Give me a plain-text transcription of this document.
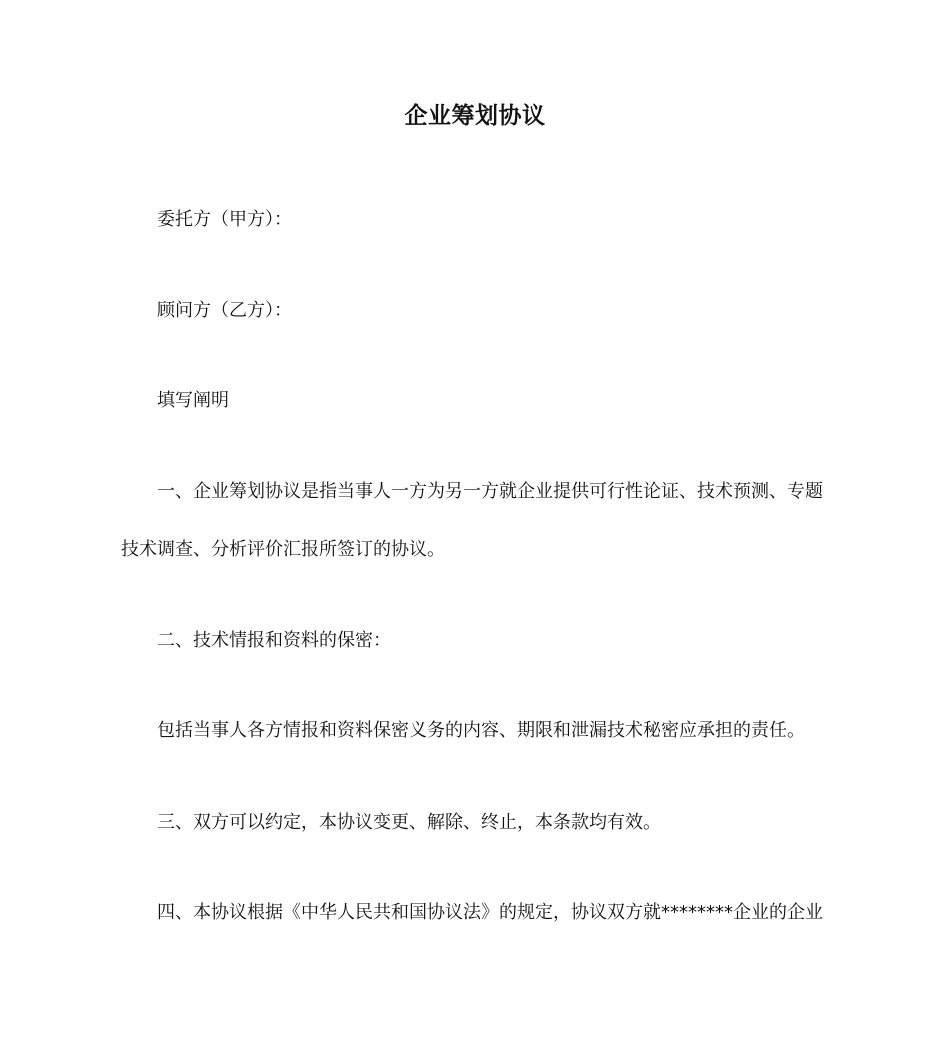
企业筹划协议
委托方（甲方）：
顾问方（乙方）：
填写阐明
一、企业筹划协议是指当事人一方为另一方就企业提供可行性论证、技术预测、专题
技术调查、分析评价汇报所签订的协议。
二、技术情报和资料的保密：
包括当事人各方情报和资料保密义务的内容、期限和泄漏技术秘密应承担的责任。
三、双方可以约定，本协议变更、解除、终止，本条款均有效。
四、本协议根据《中华人民共和国协议法》的规定，协议双方就********企业的企业
